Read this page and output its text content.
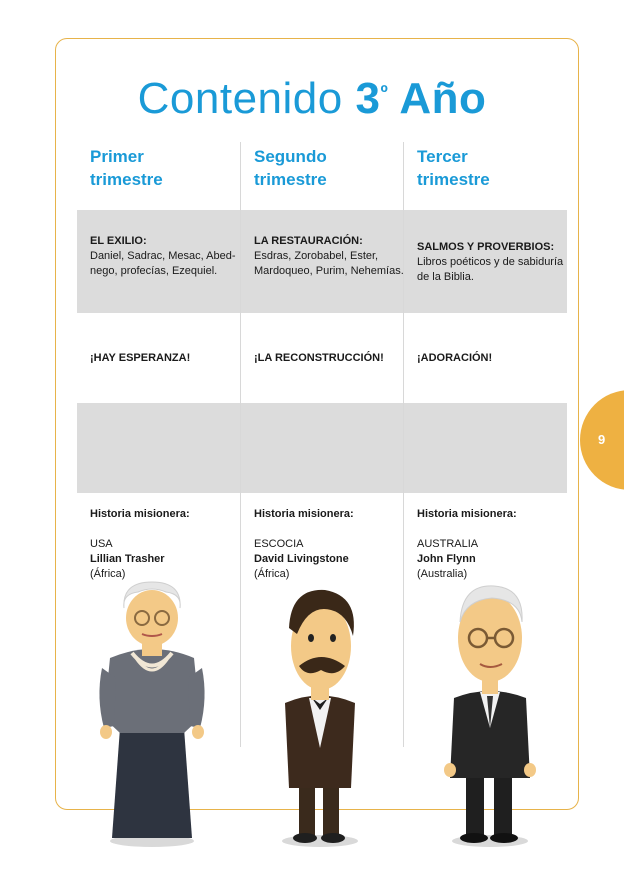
Contenido $3^º$ Año
Primer
trimestre
EL EXILIO:
Daniel, Sadrac, Mesac, Abed-nego, profecías, Ezequiel.
¡HAY ESPERANZA!
Historia misionera:
USA
Lillian Trasher
(África)
Segundo
trimestre
LA RESTAURACIÓN:
Esdras, Zorobabel, Ester, Mardoqueo, Purim, Nehemías.
¡LA RECONSTRUCCIÓN!
Historia misionera:
ESCOCIA
David Livingstone
(África)
Tercer
trimestre
SALMOS Y PROVERBIOS:
Libros poéticos y de sabiduría de la Biblia.
¡ADORACIÓN!
Historia misionera:
AUSTRALIA
John Flynn
(Australia)
9
